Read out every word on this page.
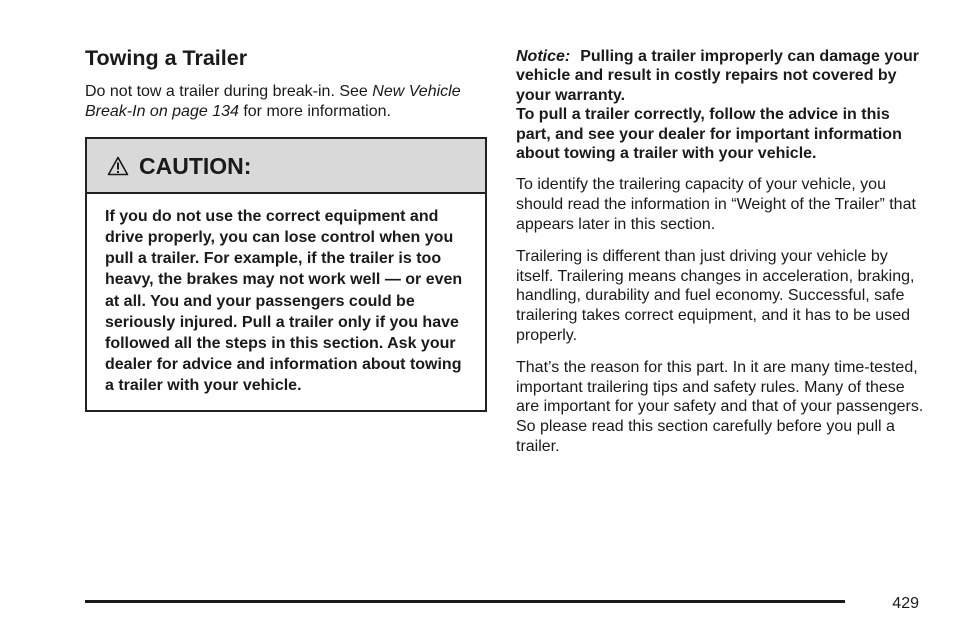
Towing a Trailer

Do not tow a trailer during break-in. See New Vehicle Break-In on page 134 for more information.

CAUTION:
If you do not use the correct equipment and drive properly, you can lose control when you pull a trailer. For example, if the trailer is too heavy, the brakes may not work well — or even at all. You and your passengers could be seriously injured. Pull a trailer only if you have followed all the steps in this section. Ask your dealer for advice and information about towing a trailer with your vehicle.

Notice: Pulling a trailer improperly can damage your vehicle and result in costly repairs not covered by your warranty.
To pull a trailer correctly, follow the advice in this part, and see your dealer for important information about towing a trailer with your vehicle.

To identify the trailering capacity of your vehicle, you should read the information in “Weight of the Trailer” that appears later in this section.

Trailering is different than just driving your vehicle by itself. Trailering means changes in acceleration, braking, handling, durability and fuel economy. Successful, safe trailering takes correct equipment, and it has to be used properly.

That’s the reason for this part. In it are many time-tested, important trailering tips and safety rules. Many of these are important for your safety and that of your passengers. So please read this section carefully before you pull a trailer.

429
